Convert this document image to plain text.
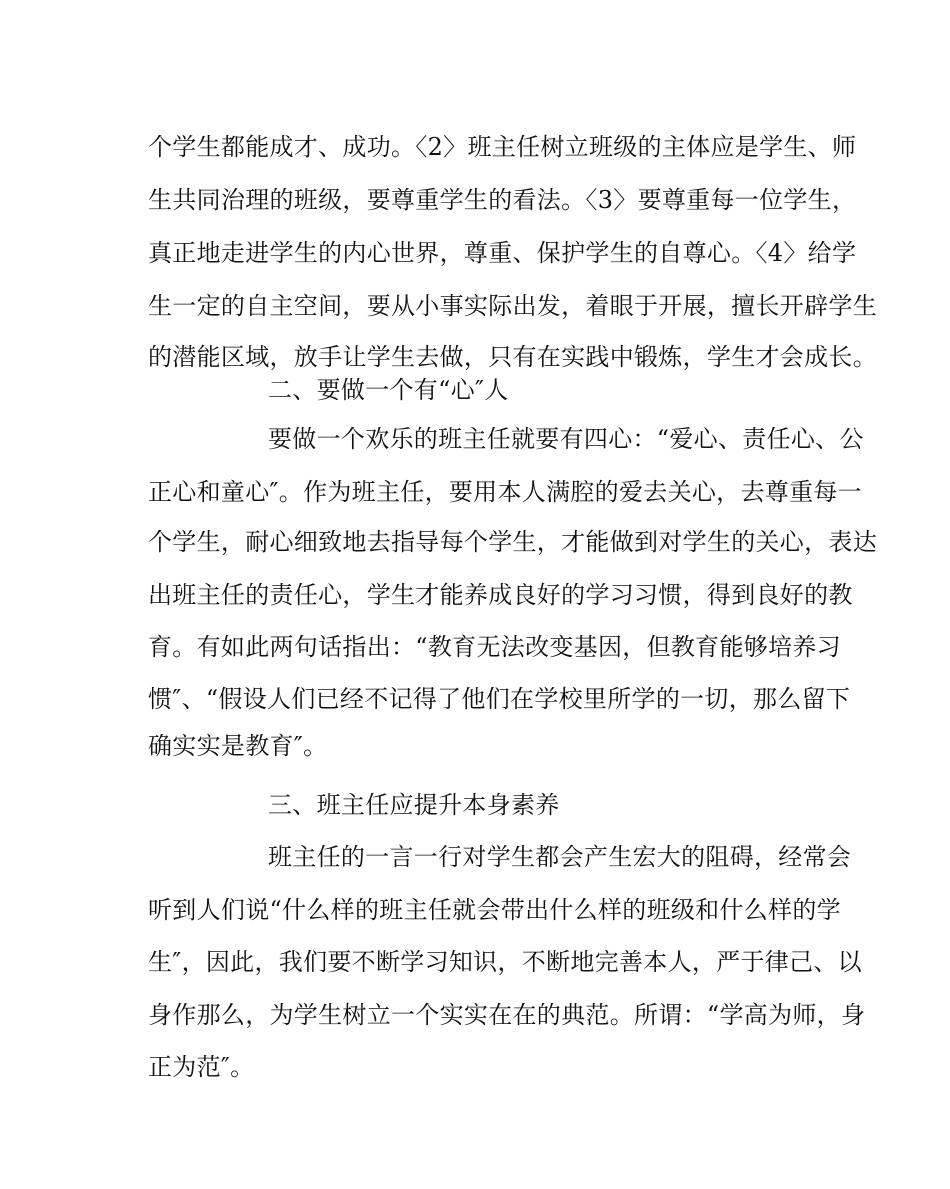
个学生都能成才、成功。〈2〉班主任树立班级的主体应是学生、师
生共同治理的班级，要尊重学生的看法。〈3〉要尊重每一位学生，
真正地走进学生的内心世界，尊重、保护学生的自尊心。〈4〉给学
生一定的自主空间，要从小事实际出发，着眼于开展，擅长开辟学生
的潜能区域，放手让学生去做，只有在实践中锻炼，学生才会成长。
二、要做一个有“心″人
要做一个欢乐的班主任就要有四心：“爱心、责任心、公
正心和童心″。作为班主任，要用本人满腔的爱去关心，去尊重每一
个学生，耐心细致地去指导每个学生，才能做到对学生的关心，表达
出班主任的责任心，学生才能养成良好的学习习惯，得到良好的教
育。有如此两句话指出：“教育无法改变基因，但教育能够培养习
惯″、“假设人们已经不记得了他们在学校里所学的一切，那么留下
确实实是教育″。
三、班主任应提升本身素养
班主任的一言一行对学生都会产生宏大的阻碍，经常会
听到人们说“什么样的班主任就会带出什么样的班级和什么样的学
生″，因此，我们要不断学习知识，不断地完善本人，严于律己、以
身作那么，为学生树立一个实实在在的典范。所谓：“学高为师，身
正为范″。
